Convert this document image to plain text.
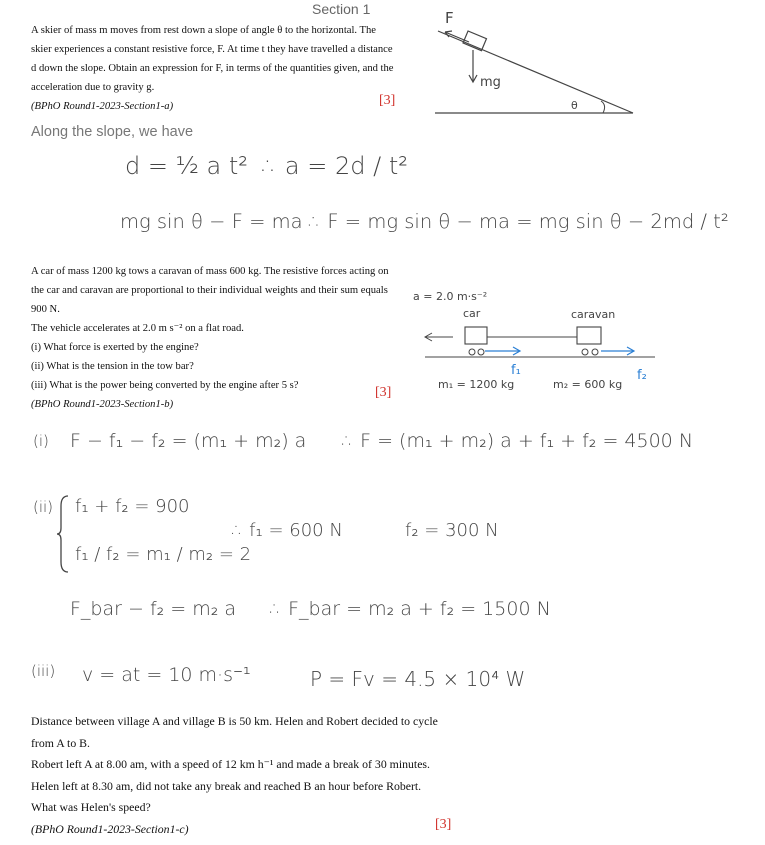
Section 1
A skier of mass m moves from rest down a slope of angle θ to the horizontal. The
skier experiences a constant resistive force, F. At time t they have travelled a distance
d down the slope. Obtain an expression for F, in terms of the quantities given, and the
acceleration due to gravity g.
(BPhO Round1-2023-Section1-a)	[3]	θ
F
mg
Along the slope, we have
d = ½ a t² ∴ a = 2d / t²
mg sin θ − F = ma ∴ F = mg sin θ − ma = mg sin θ − 2md / t²
A car of mass 1200 kg tows a caravan of mass 600 kg. The resistive forces acting on
the car and caravan are proportional to their individual weights and their sum equals
900 N.
The vehicle accelerates at 2.0 m s⁻² on a flat road.
(i) What force is exerted by the engine?
(ii) What is the tension in the tow bar?
(iii) What is the power being converted by the engine after 5 s?
(BPhO Round1-2023-Section1-b)
[3]
a = 2.0 m·s⁻²
car	caravan
f₁	f₂
m₁ = 1200 kg	m₂ = 600 kg
(i) F − f₁ − f₂ = (m₁ + m₂) a ∴ F = (m₁ + m₂) a + f₁ + f₂ = 4500 N
(ii) f₁ + f₂ = 900
f₁ / f₂ = m₁ / m₂ = 2
∴ f₁ = 600 N	f₂ = 300 N
F_bar − f₂ = m₂ a ∴ F_bar = m₂ a + f₂ = 1500 N
(iii) v = at = 10 m·s⁻¹	P = Fv = 4.5 × 10⁴ W
Distance between village A and village B is 50 km. Helen and Robert decided to cycle
from A to B.
Robert left A at 8.00 am, with a speed of 12 km h⁻¹ and made a break of 30 minutes.
Helen left at 8.30 am, did not take any break and reached B an hour before Robert.
What was Helen's speed?
(BPhO Round1-2023-Section1-c)	[3]
